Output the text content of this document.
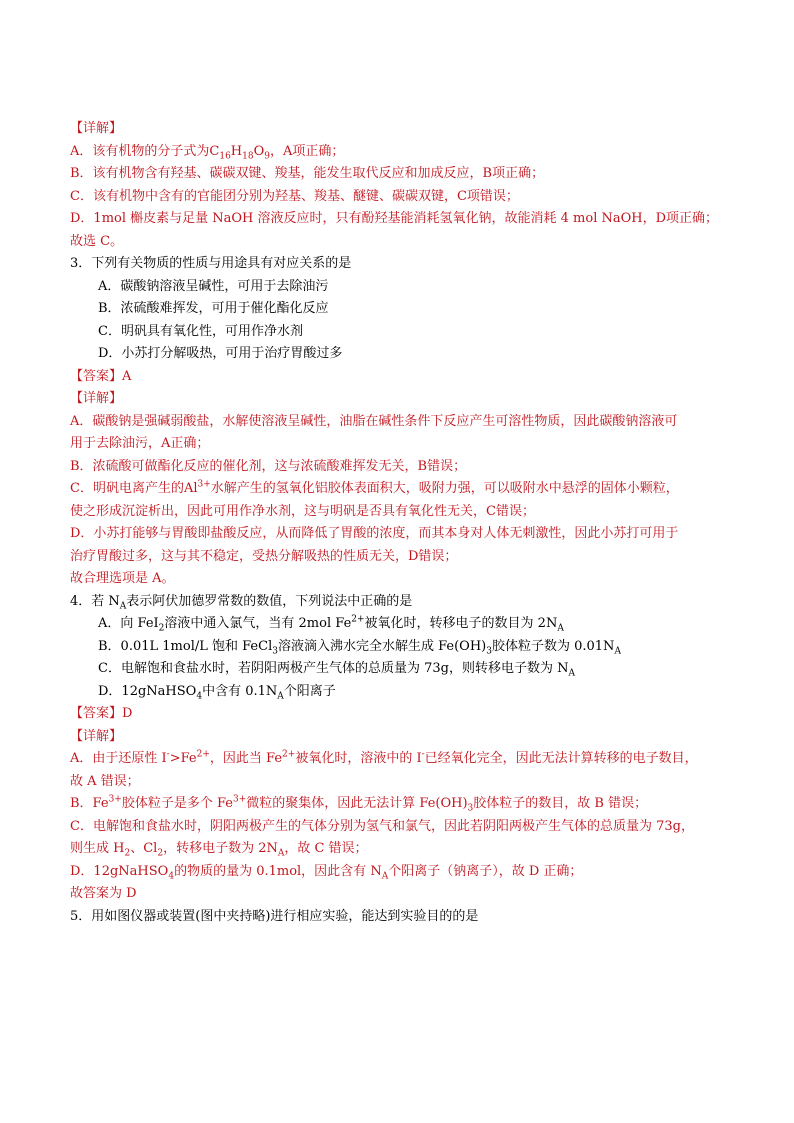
【详解】
A．该有机物的分子式为$C_{16}H_{18}O_9$，A项正确；
B．该有机物含有羟基、碳碳双键、羧基，能发生取代反应和加成反应，B项正确；
C．该有机物中含有的官能团分别为羟基、羧基、醚键、碳碳双键，C项错误；
D．1mol 槲皮素与足量 NaOH 溶液反应时，只有酚羟基能消耗氢氧化钠，故能消耗 4 mol NaOH，D项正确；
故选 C。
3．下列有关物质的性质与用途具有对应关系的是
A．碳酸钠溶液呈碱性，可用于去除油污
B．浓硫酸难挥发，可用于催化酯化反应
C．明矾具有氧化性，可用作净水剂
D．小苏打分解吸热，可用于治疗胃酸过多
【答案】A
【详解】
A．碳酸钠是强碱弱酸盐，水解使溶液呈碱性，油脂在碱性条件下反应产生可溶性物质，因此碳酸钠溶液可
用于去除油污，A正确；
B．浓硫酸可做酯化反应的催化剂，这与浓硫酸难挥发无关，B错误；
C．明矾电离产生的$Al^{3+}$水解产生的氢氧化铝胶体表面积大，吸附力强，可以吸附水中悬浮的固体小颗粒，
使之形成沉淀析出，因此可用作净水剂，这与明矾是否具有氧化性无关，C错误；
D．小苏打能够与胃酸即盐酸反应，从而降低了胃酸的浓度，而其本身对人体无刺激性，因此小苏打可用于
治疗胃酸过多，这与其不稳定，受热分解吸热的性质无关，D错误；
故合理选项是 A。
4．若 $N_A$表示阿伏加德罗常数的数值，下列说法中正确的是
A．向 FeI$_2$溶液中通入氯气，当有 2mol $Fe^{2+}$被氧化时，转移电子的数目为 $2N_A$
B．0.01L 1mol/L 饱和 FeCl$_3$溶液滴入沸水完全水解生成 $Fe(OH)_3$胶体粒子数为 $0.01N_A$
C．电解饱和食盐水时，若阴阳两极产生气体的总质量为 73g，则转移电子数为 $N_A$
D．12gNaHSO$_4$中含有 $0.1N_A$个阳离子
【答案】D
【详解】
A．由于还原性 $I^->Fe^{2+}$，因此当 $Fe^{2+}$被氧化时，溶液中的 I-已经氧化完全，因此无法计算转移的电子数目，
故 A 错误；
B．$Fe^{3+}$胶体粒子是多个 $Fe^{3+}$微粒的聚集体，因此无法计算 $Fe(OH)_3$胶体粒子的数目，故 B 错误；
C．电解饱和食盐水时，阴阳两极产生的气体分别为氢气和氯气，因此若阴阳两极产生气体的总质量为 73g，
则生成 $H_2$、$Cl_2$，转移电子数为 $2N_A$，故 C 错误；
D．12gNaHSO$_4$的物质的量为 0.1mol，因此含有 $N_A$个阳离子（钠离子），故 D 正确；
故答案为 D
5．用如图仪器或装置(图中夹持略)进行相应实验，能达到实验目的的是
